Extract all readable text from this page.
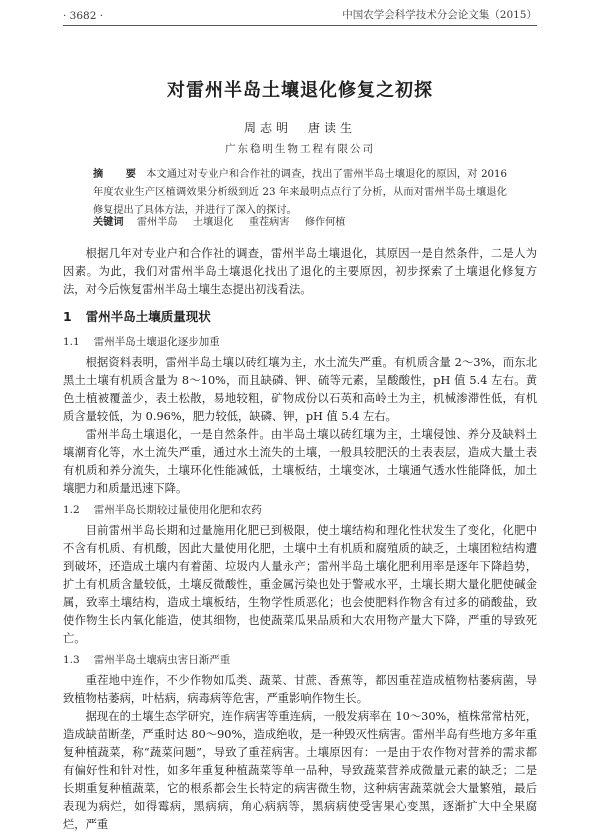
· 3682 ·	中国农学会科学技术分会论文集（2015）
对雷州半岛土壤退化修复之初探
周志明　唐读生
广东稳明生物工程有限公司
摘　要 本文通过对专业户和合作社的调查，找出了雷州半岛土壤退化的原因，对 2016 年度农业生产区植调效果分析级到近 23 年来最明点点行了分析，从而对雷州半岛土壤退化修复提出了具体方法，并进行了深入的探讨。
关键词 雷州半岛 土壤退化 重茬病害 修作何植

根据几年对专业户和合作社的调查，雷州半岛土壤退化，其原因一是自然条件，二是人为因素。为此，我们对雷州半岛土壤退化找出了退化的主要原因，初步探索了土壤退化修复方法，对今后恢复雷州半岛土壤生态提出初浅看法。

1 雷州半岛土壤质量现状
1.1 雷州半岛土壤退化逐步加重

根据资料表明，雷州半岛土壤以砖红壤为主，水土流失严重。有机质含量 2～3%，而东北黑土土壤有机质含量为 8～10%，而且缺磷、钾、硫等元素，呈酸酸性，pH 值 5.4 左右。黄色土植被覆盖少，表土松散，易地较粗，矿物成份以石英和高岭土为主，机械渗滞性低，有机质含量较低，为 0.96%，肥力较低，缺磷、钾，pH 值 5.4 左右。

雷州半岛土壤退化，一是自然条件。由半岛土壤以砖红壤为主，土壤侵蚀、养分及缺料土壤潮育化等，水土流失严重，通过水土流失的土壤，一般具较肥沃的土表表层，造成大量土表有机质和养分流失，土壤环化性能减低，土壤板结，土壤变冰，土壤通气透水性能降低，加土壤肥力和质量迅速下降。

1.2 雷州半岛长期较过量使用化肥和农药

目前雷州半岛长期和过量施用化肥已到极限，使土壤结构和理化性状发生了变化，化肥中不含有机质、有机酸，因此大量使用化肥，土壤中土有机质和腐殖质的缺乏，土壤团粒结构遭到破坏，还造成土壤内有着菌、垃圾内人量永产；雷州半岛土壤化肥利用率是逐年下降趋势，扩土有机质含量较低，土壤反微酸性，重金属污染也处于警戒水平，土壤长期大量化肥使碱金属，致率土壤结构，造成土壤板结，生物学性质恶化；也会使肥料作物含有过多的硝酸盐，致使作物生长内氧化能造，使其细物，也使蔬菜瓜果品质和大农用物产量大下降，严重的导致死亡。

1.3 雷州半岛土壤病虫害日渐严重

重茬地中连作，不少作物如瓜类、蔬菜、甘蔗、香蕉等，都因重茬造成植物枯萎病菌，导致植物枯萎病，叶枯病，病毒病等危害，严重影响作物生长。

据现在的土壤生态学研究，连作病害等重连病，一般发病率在 10～30%，植株常常枯死，造成缺苗断垄，严重时达 80～90%，造成绝收，是一种毁灭性病害。雷州半岛有些地方多年重复种植蔬菜，称“蔬菜问题”，导致了重茬病害。土壤原因有：一是由于农作物对营养的需求都有偏好性和针对性，如多年重复种植蔬菜等单一品种，导致蔬菜营养成微量元素的缺乏；二是长期重复种植蔬菜，它的根系都会生长特定的病害微生物，这种病害蔬菜就会大量繁殖，最后表现为病烂，如得霉病，黑病病，角心病病等，黑病病使受害果心变黑，逐渐扩大中全果腐烂，严重
